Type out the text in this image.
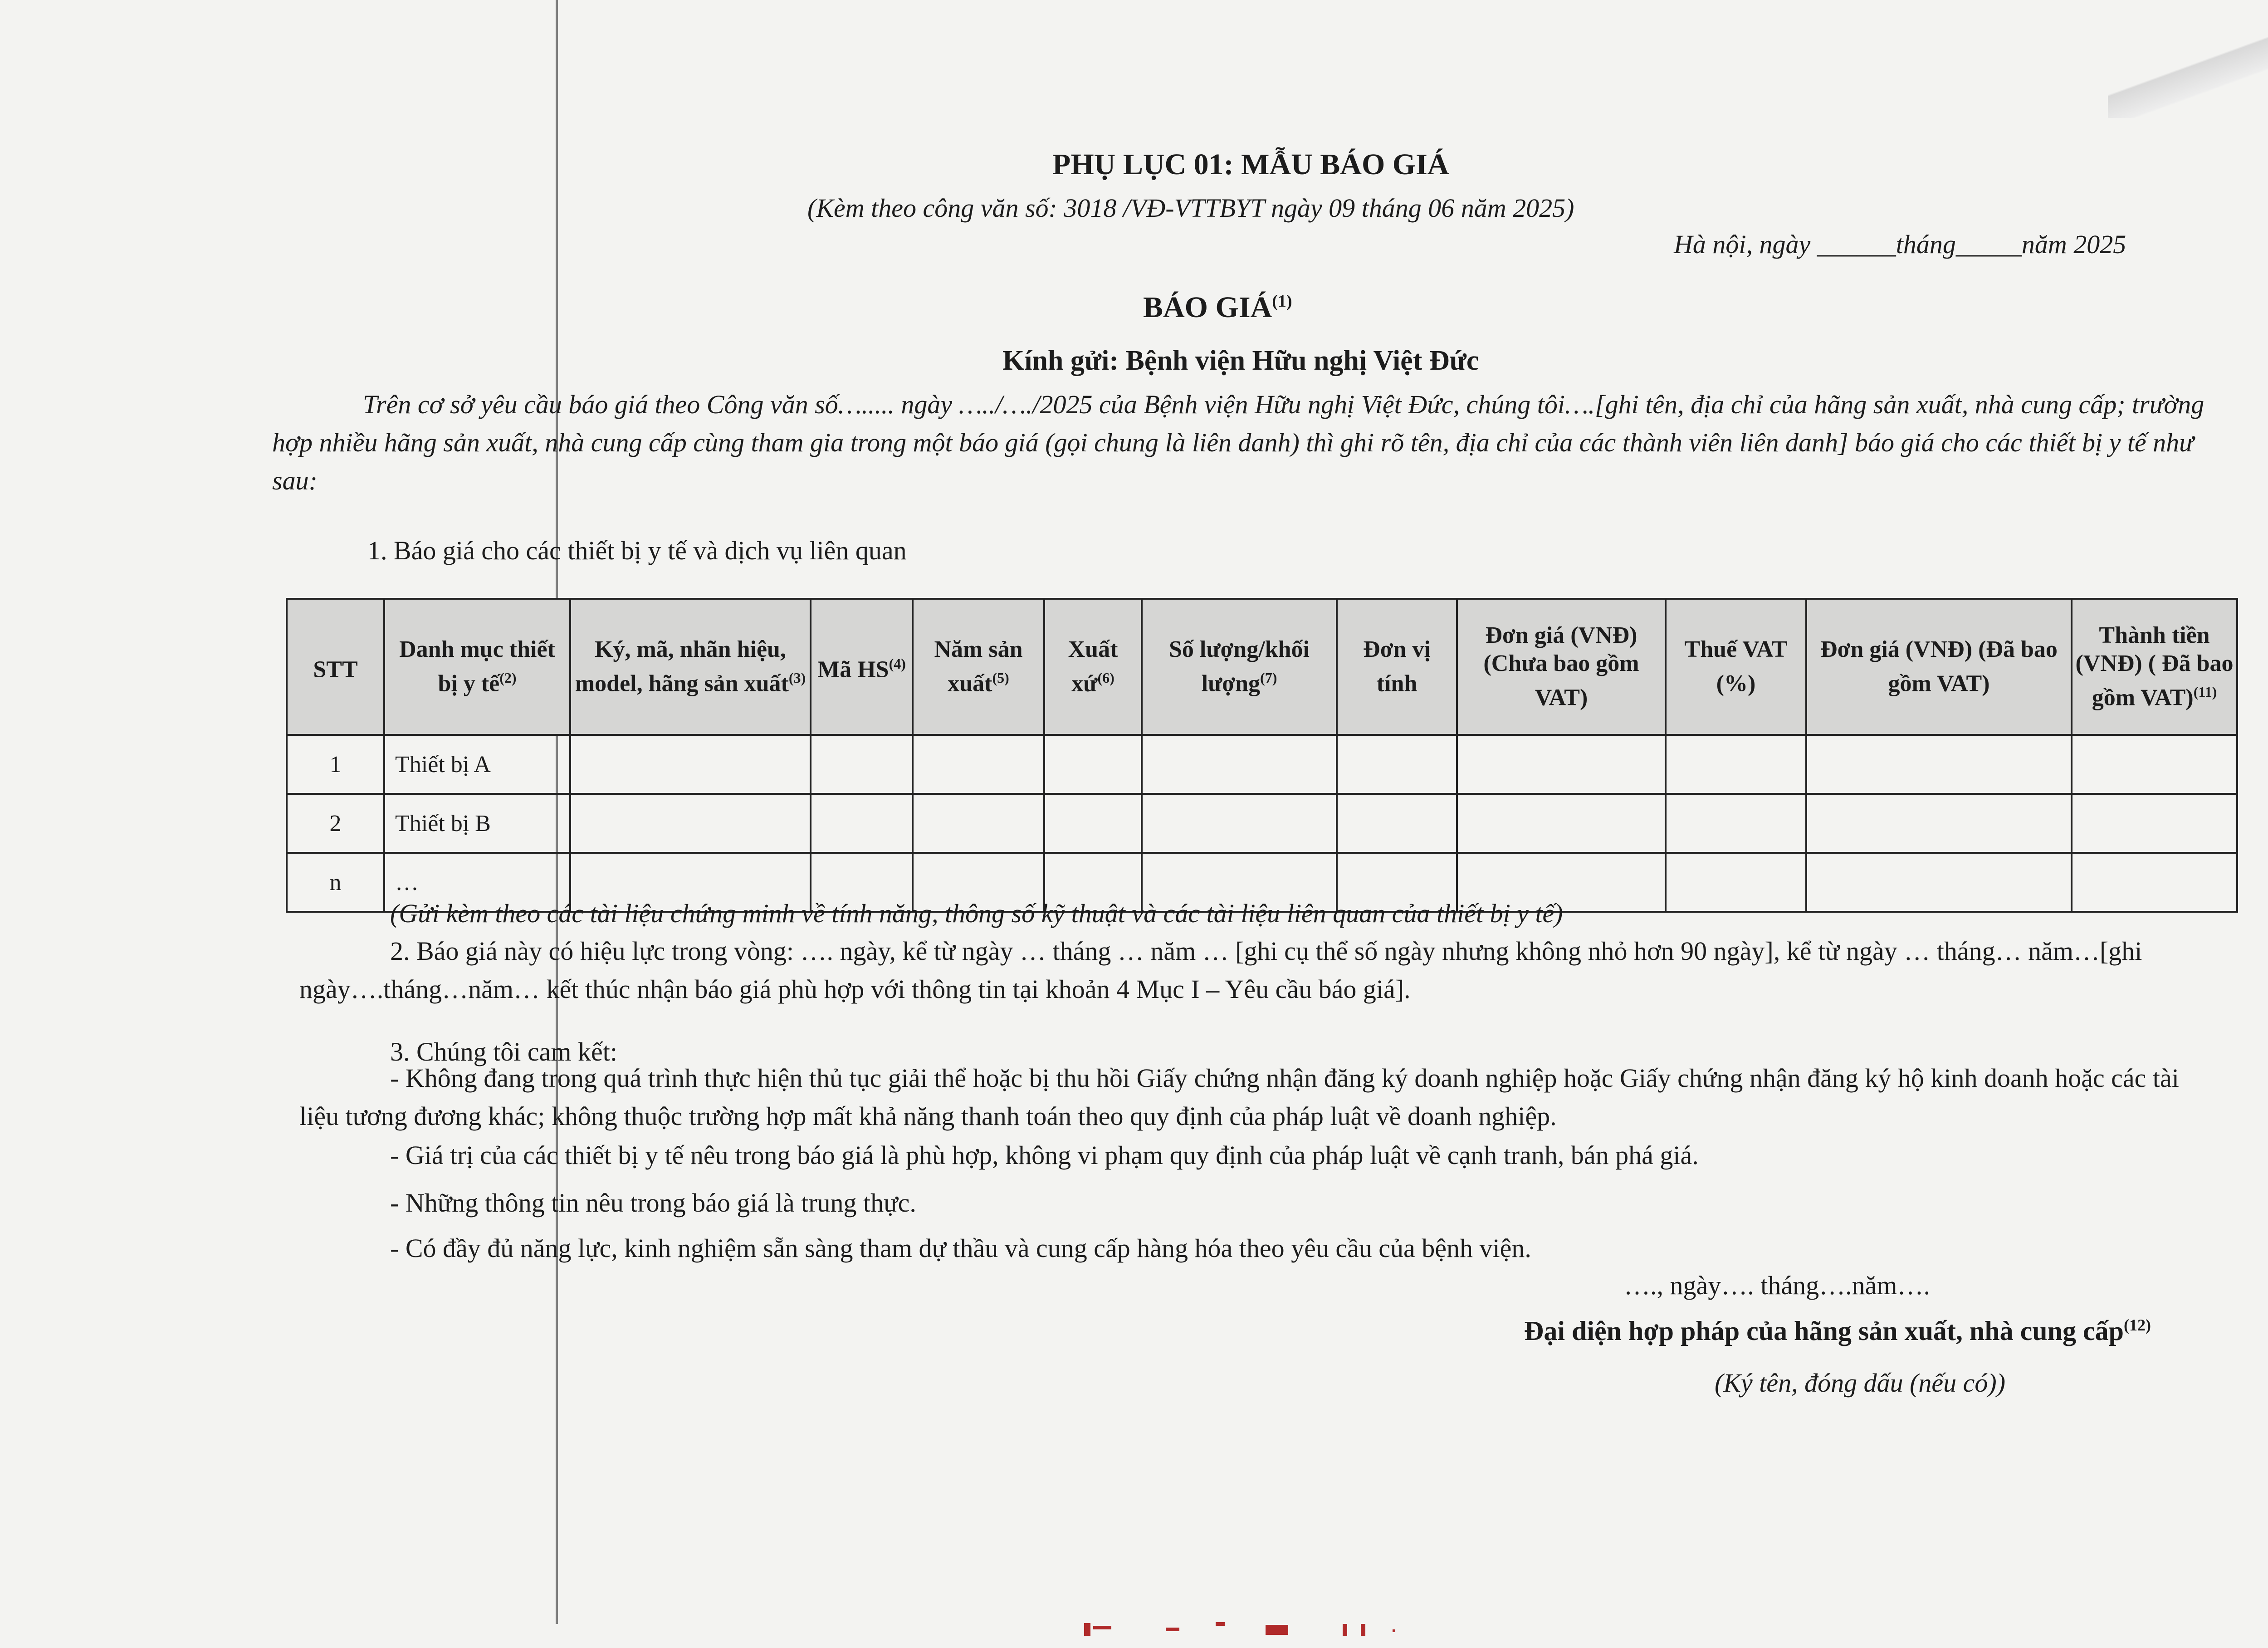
PHỤ LỤC 01: MẪU BÁO GIÁ
(Kèm theo công văn số: 3018 /VĐ-VTTBYT ngày 09 tháng 06 năm 2025)
Hà nội, ngày ______tháng_____năm 2025
BÁO GIÁ$^{(1)}$
Kính gửi: Bệnh viện Hữu nghị Việt Đức
Trên cơ sở yêu cầu báo giá theo Công văn số…..... ngày …../…./2025 của Bệnh viện Hữu nghị Việt Đức, chúng tôi….[ghi tên, địa chỉ của hãng sản xuất, nhà cung cấp; trường hợp nhiều hãng sản xuất, nhà cung cấp cùng tham gia trong một báo giá (gọi chung là liên danh) thì ghi rõ tên, địa chỉ của các thành viên liên danh] báo giá cho các thiết bị y tế như sau:
1. Báo giá cho các thiết bị y tế và dịch vụ liên quan
STT	Danh mục thiết bị y tế$^{(2)}$	Ký, mã, nhãn hiệu, model, hãng sản xuất$^{(3)}$	Mã HS$^{(4)}$	Năm sản xuất$^{(5)}$	Xuất xứ$^{(6)}$	Số lượng/khối lượng$^{(7)}$	Đơn vị tính	Đơn giá (VNĐ) (Chưa bao gồm VAT)	Thuế VAT (%)	Đơn giá (VNĐ) (Đã bao gồm VAT)	Thành tiền (VNĐ) ( Đã bao gồm VAT)$^{(11)}$
1	Thiết bị A										
2	Thiết bị B										
n	…										
(Gửi kèm theo các tài liệu chứng minh về tính năng, thông số kỹ thuật và các tài liệu liên quan của thiết bị y tế)
2. Báo giá này có hiệu lực trong vòng: …. ngày, kể từ ngày … tháng … năm … [ghi cụ thể số ngày nhưng không nhỏ hơn 90 ngày], kể từ ngày … tháng… năm…[ghi ngày….tháng…năm… kết thúc nhận báo giá phù hợp với thông tin tại khoản 4 Mục I – Yêu cầu báo giá].
3. Chúng tôi cam kết:
- Không đang trong quá trình thực hiện thủ tục giải thể hoặc bị thu hồi Giấy chứng nhận đăng ký doanh nghiệp hoặc Giấy chứng nhận đăng ký hộ kinh doanh hoặc các tài liệu tương đương khác; không thuộc trường hợp mất khả năng thanh toán theo quy định của pháp luật về doanh nghiệp.
- Giá trị của các thiết bị y tế nêu trong báo giá là phù hợp, không vi phạm quy định của pháp luật về cạnh tranh, bán phá giá.
- Những thông tin nêu trong báo giá là trung thực.
- Có đầy đủ năng lực, kinh nghiệm sẵn sàng tham dự thầu và cung cấp hàng hóa theo yêu cầu của bệnh viện.
…., ngày…. tháng….năm….
Đại diện hợp pháp của hãng sản xuất, nhà cung cấp$^{(12)}$
(Ký tên, đóng dấu (nếu có))
